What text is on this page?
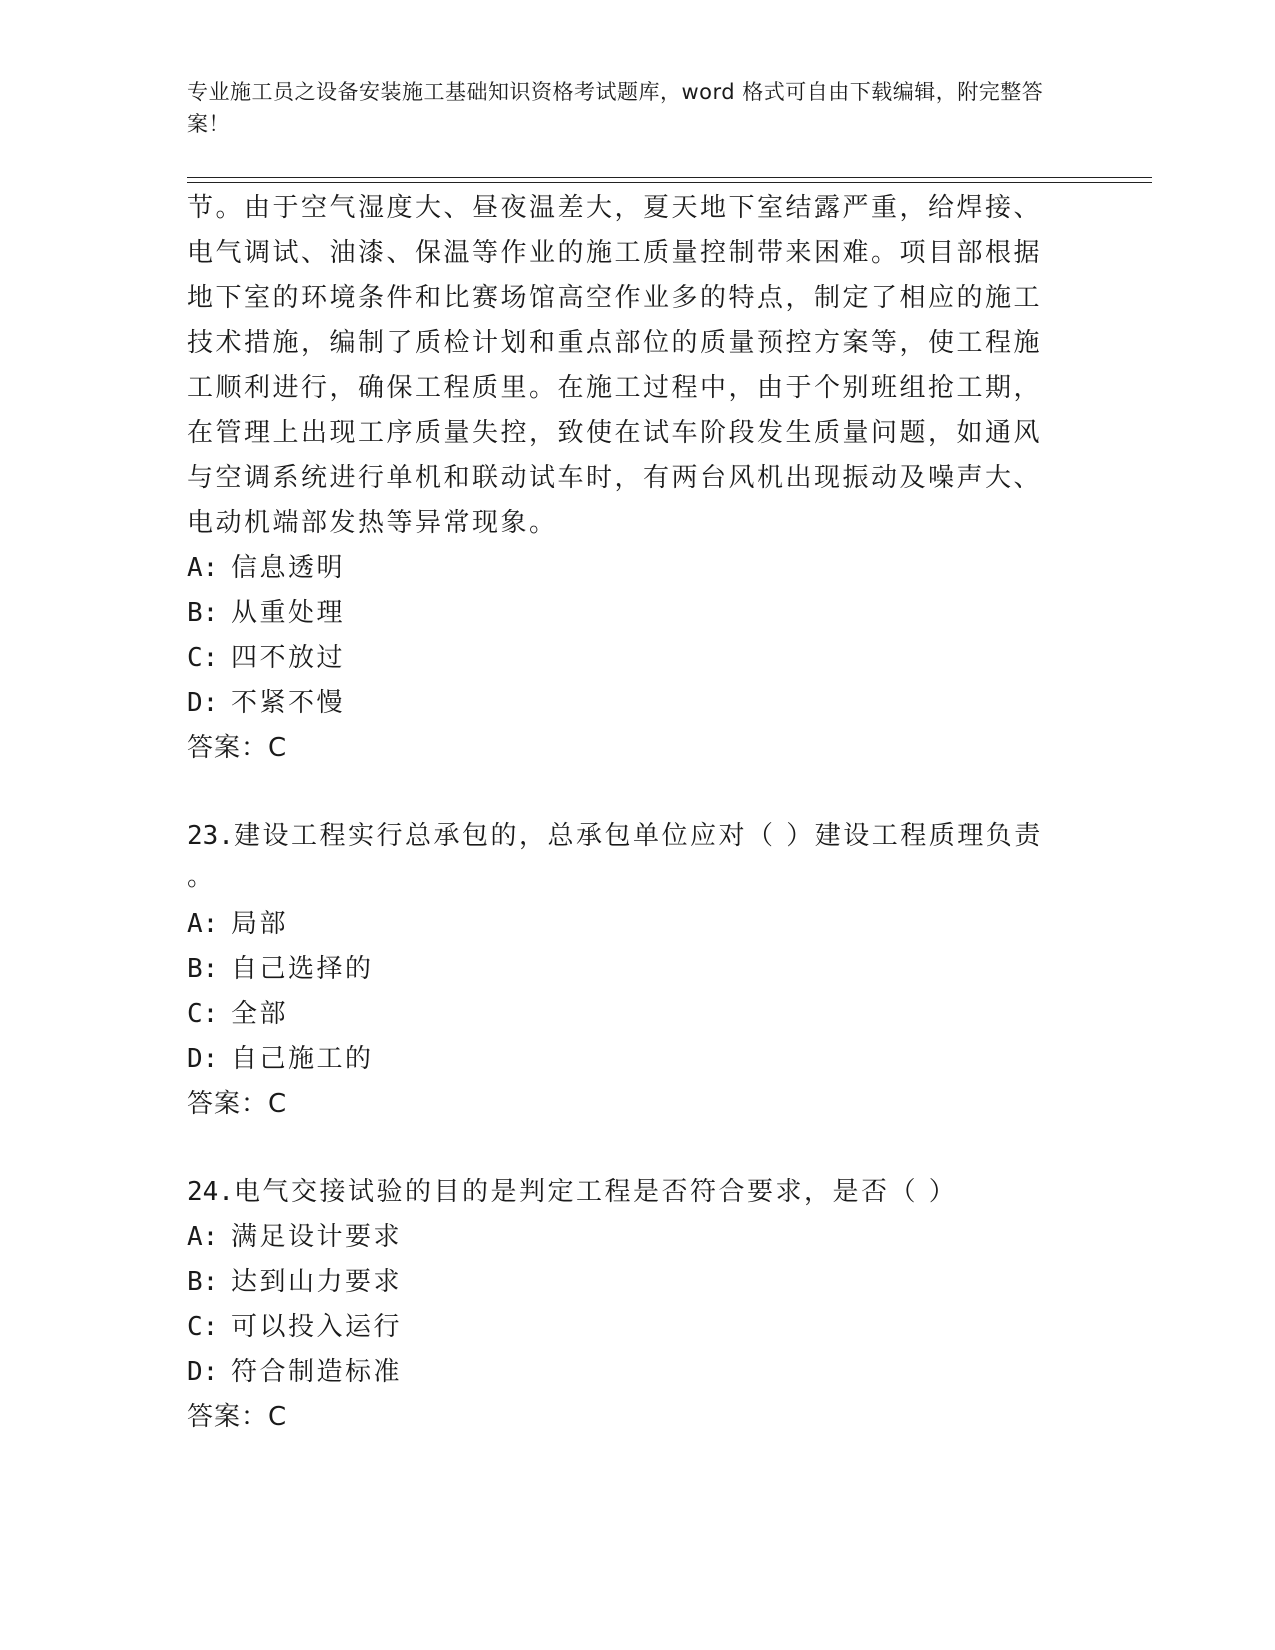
专业施工员之设备安装施工基础知识资格考试题库，word 格式可自由下载编辑，附完整答案！
节。由于空气湿度大、昼夜温差大，夏天地下室结露严重，给焊接、
电气调试、油漆、保温等作业的施工质量控制带来困难。项目部根据
地下室的环境条件和比赛场馆高空作业多的特点，制定了相应的施工
技术措施，编制了质检计划和重点部位的质量预控方案等，使工程施
工顺利进行，确保工程质里。在施工过程中，由于个别班组抢工期，
在管理上出现工序质量失控，致使在试车阶段发生质量问题，如通风
与空调系统进行单机和联动试车时，有两台风机出现振动及噪声大、
电动机端部发热等异常现象。
A: 信息透明
B: 从重处理
C: 四不放过
D: 不紧不慢
答案：C
23.建设工程实行总承包的，总承包单位应对（ ）建设工程质理负责
。
A: 局部
B: 自己选择的
C: 全部
D: 自己施工的
答案：C
24.电气交接试验的目的是判定工程是否符合要求，是否（ ）
A: 满足设计要求
B: 达到山力要求
C: 可以投入运行
D: 符合制造标准
答案：C
